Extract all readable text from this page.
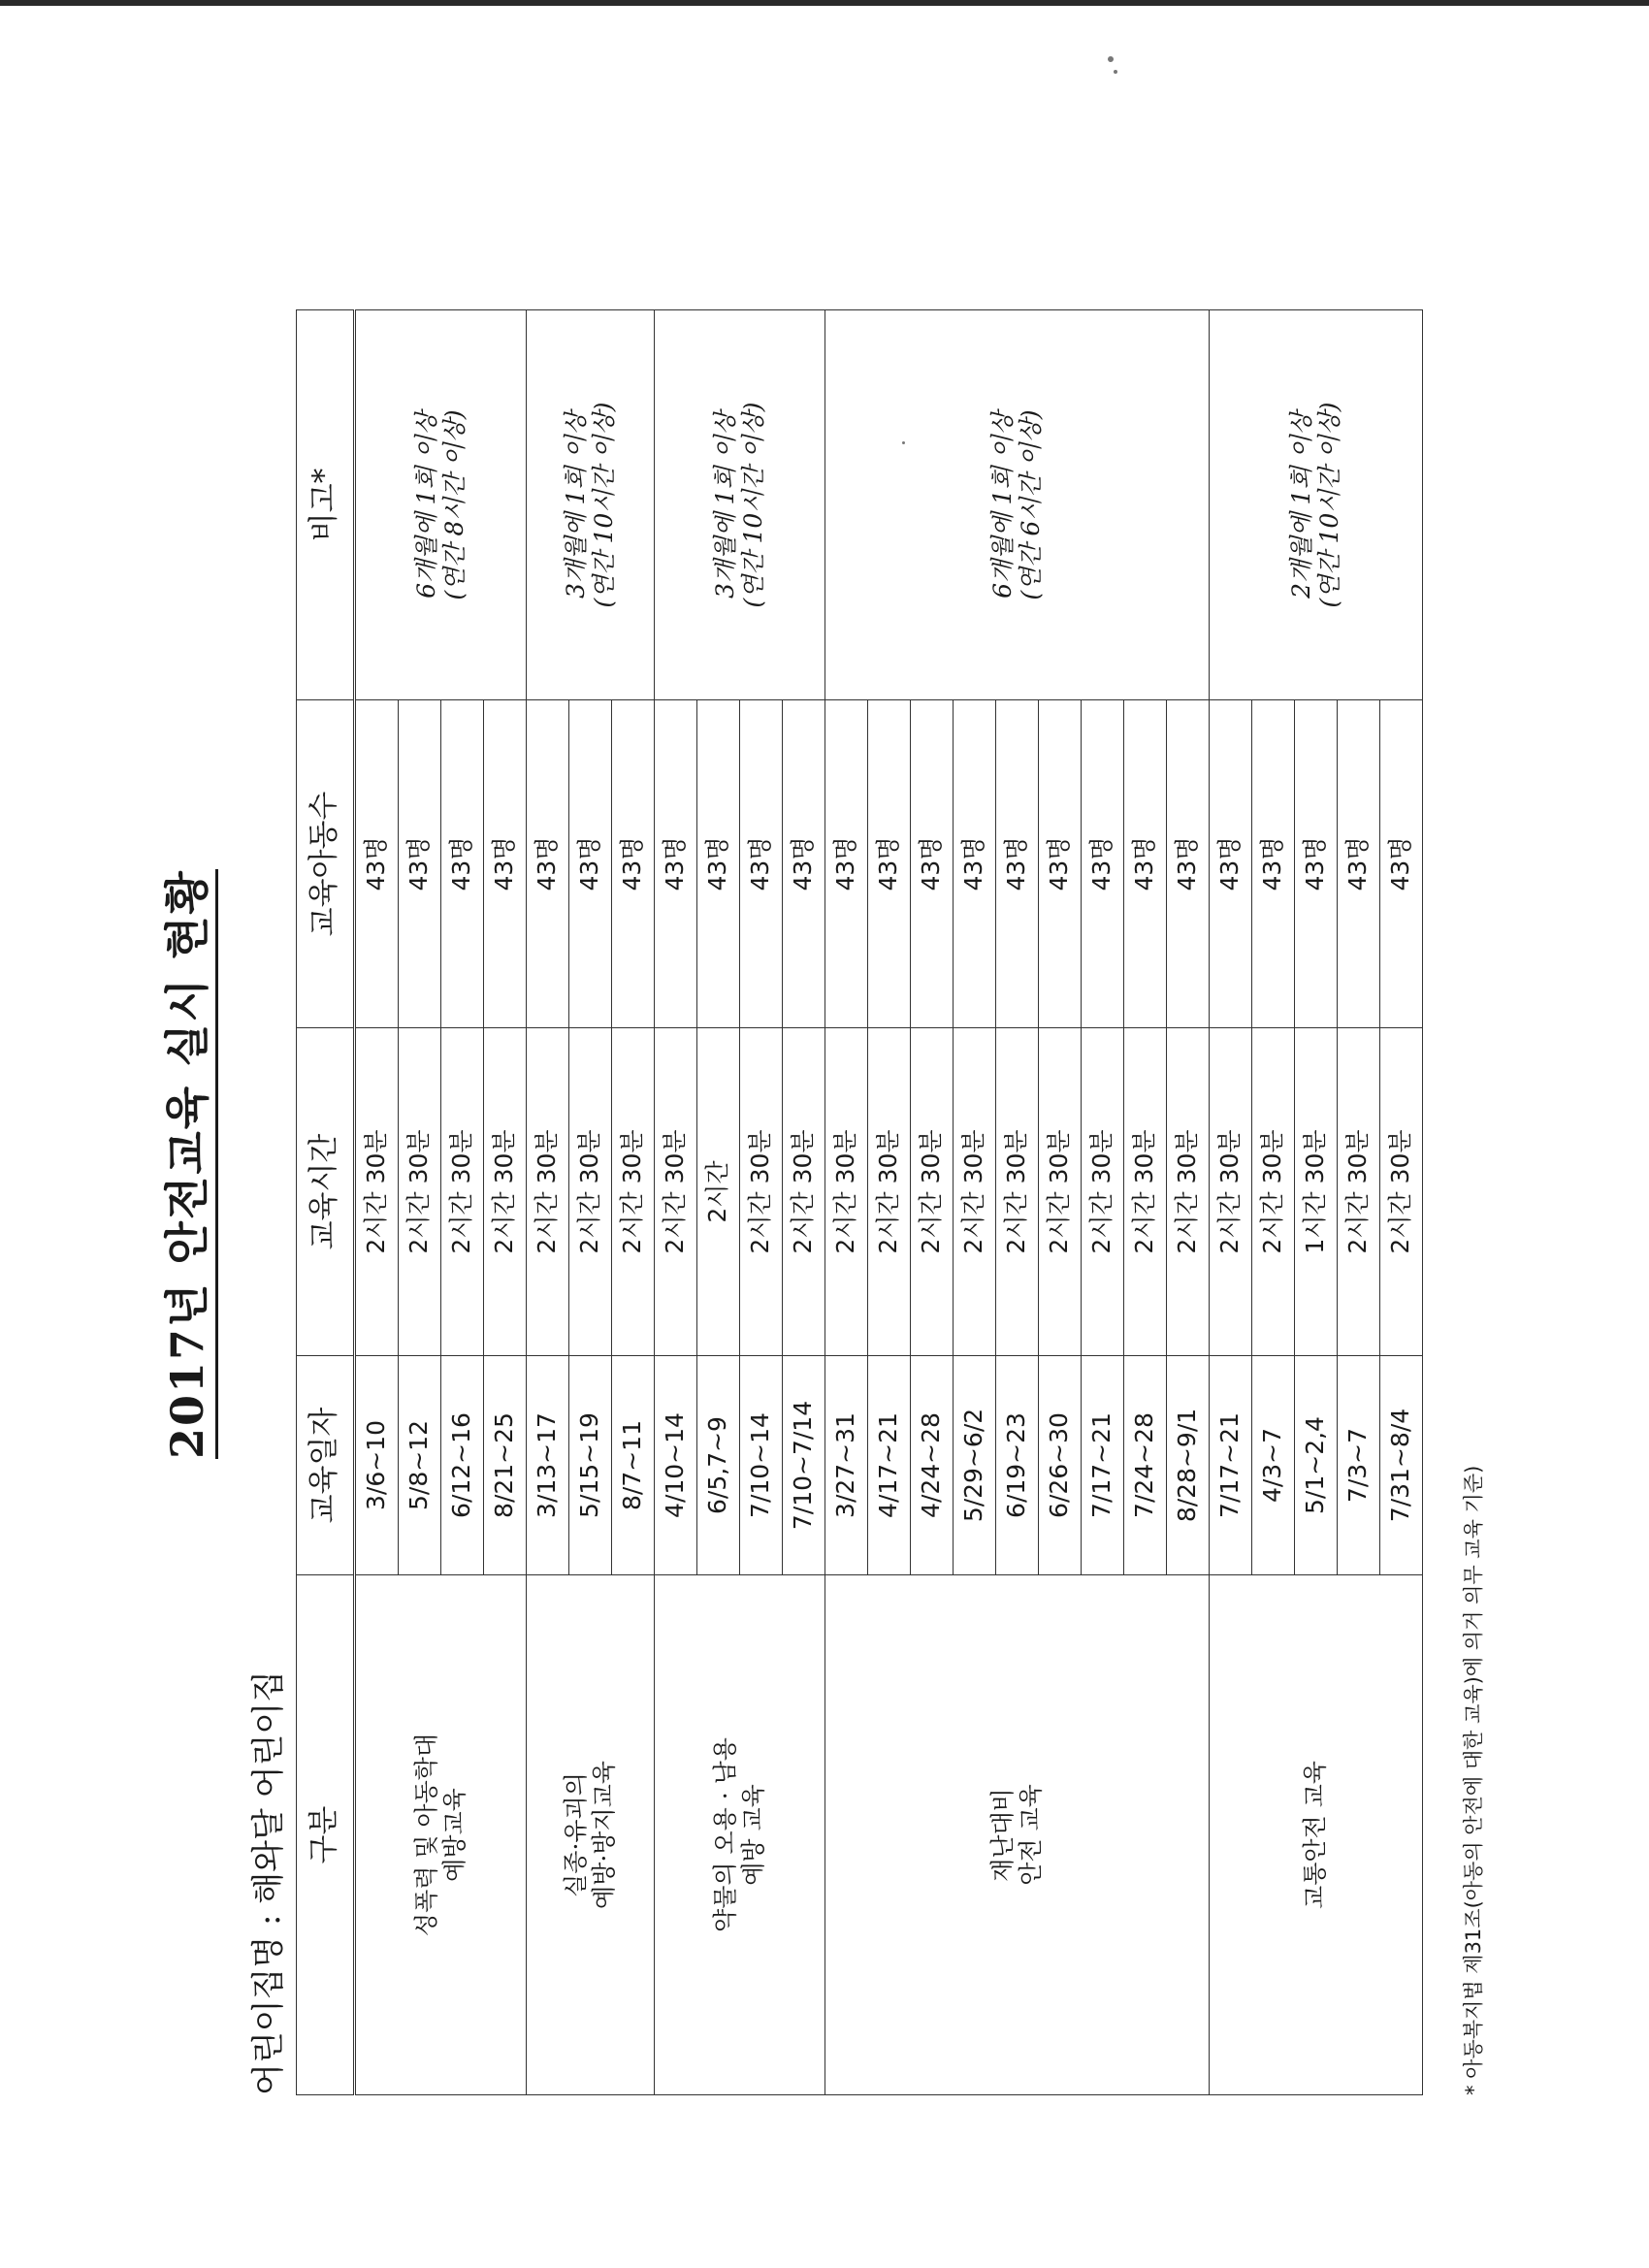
2017년 안전교육 실시 현황
어린이집명 : 해와달 어린이집 구분	교육일자	교육시간	교육아동수	비고*

성폭력 및 아동학대 예방교육	3/6~10	2시간 30분	43명	6개월에 1회 이상 (연간 8시간 이상)

	5/8~12	2시간 30분	43명	
	6/12~16	2시간 30분	43명	
	8/21~25	2시간 30분	43명	

실종·유괴의 예방·방지교육	3/13~17	2시간 30분	43명	3개월에 1회 이상 (연간 10시간 이상)

	5/15~19	2시간 30분	43명	
	8/7~11	2시간 30분	43명	

약물의 오용 · 남용 예방 교육	4/10~14	2시간 30분	43명	3개월에 1회 이상 (연간 10시간 이상)

	6/5,7~9	2시간	43명	
	7/10~14	2시간 30분	43명	
	7/10~7/14	2시간 30분	43명	

재난대비 안전 교육	3/27~31	2시간 30분	43명	6개월에 1회 이상 (연간 6시간 이상)

	4/17~21	2시간 30분	43명	
	4/24~28	2시간 30분	43명	
	5/29~6/2	2시간 30분	43명	
	6/19~23	2시간 30분	43명	
	6/26~30	2시간 30분	43명	
	7/17~21	2시간 30분	43명	
	7/24~28	2시간 30분	43명	
	8/28~9/1	2시간 30분	43명	

교통안전 교육	7/17~21	2시간 30분	43명	2개월에 1회 이상 (연간 10시간 이상)

	4/3~7	2시간 30분	43명	
	5/1~2,4	1시간 30분	43명	
	7/3~7	2시간 30분	43명	
	7/31~8/4	2시간 30분	43명	
* 아동복지법 제31조(아동의 안전에 대한 교육)에 의거 의무 교육 기준)
